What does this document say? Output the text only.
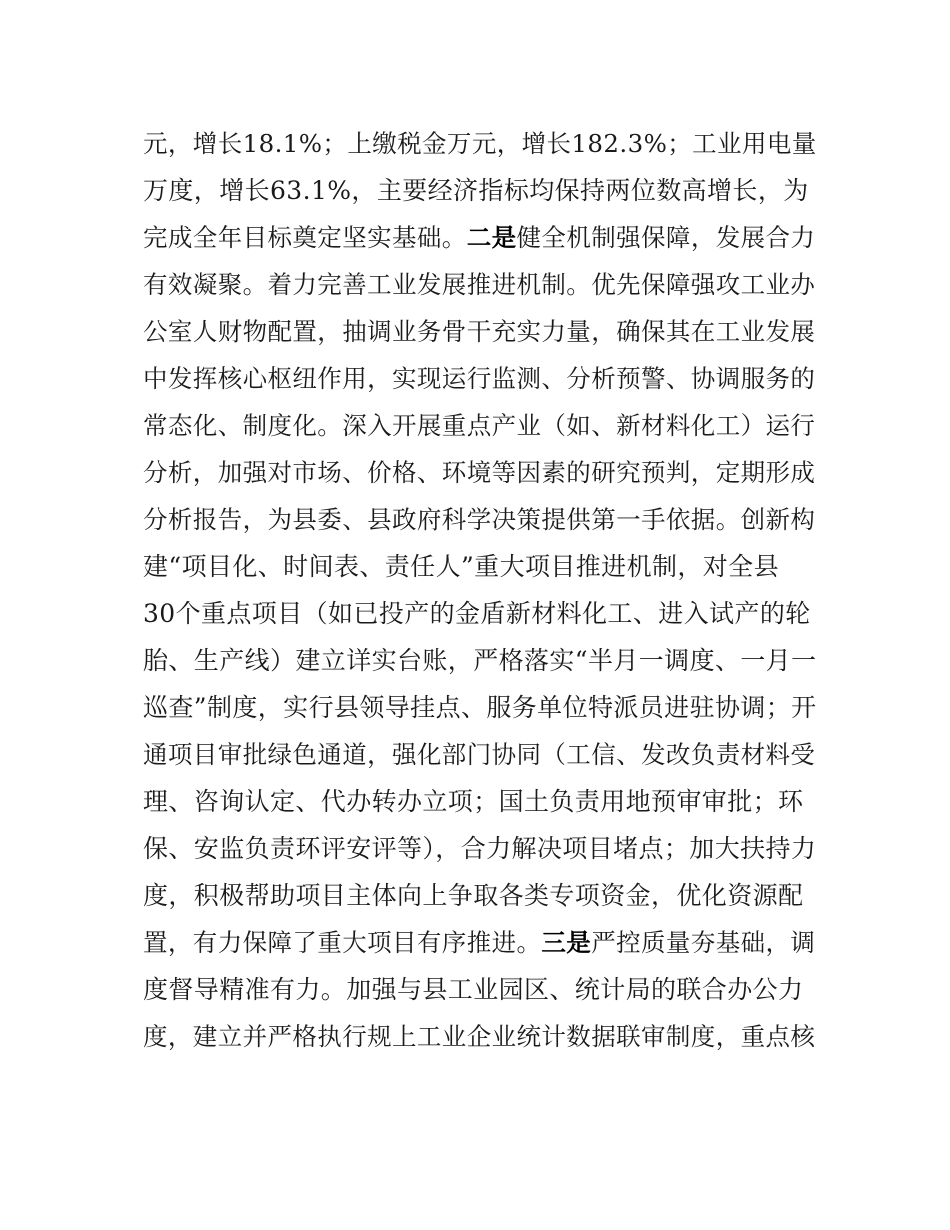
元，增长18.1%；上缴税金万元，增长182.3%；工业用电量
万度，增长63.1%，主要经济指标均保持两位数高增长，为
完成全年目标奠定坚实基础。二是健全机制强保障，发展合力
有效凝聚。着力完善工业发展推进机制。优先保障强攻工业办
公室人财物配置，抽调业务骨干充实力量，确保其在工业发展
中发挥核心枢纽作用，实现运行监测、分析预警、协调服务的
常态化、制度化。深入开展重点产业（如、新材料化工）运行
分析，加强对市场、价格、环境等因素的研究预判，定期形成
分析报告，为县委、县政府科学决策提供第一手依据。创新构
建“项目化、时间表、责任人”重大项目推进机制，对全县
30个重点项目（如已投产的金盾新材料化工、进入试产的轮
胎、生产线）建立详实台账，严格落实“半月一调度、一月一
巡查”制度，实行县领导挂点、服务单位特派员进驻协调；开
通项目审批绿色通道，强化部门协同（工信、发改负责材料受
理、咨询认定、代办转办立项；国土负责用地预审审批；环
保、安监负责环评安评等），合力解决项目堵点；加大扶持力
度，积极帮助项目主体向上争取各类专项资金，优化资源配
置，有力保障了重大项目有序推进。三是严控质量夯基础，调
度督导精准有力。加强与县工业园区、统计局的联合办公力
度，建立并严格执行规上工业企业统计数据联审制度，重点核
